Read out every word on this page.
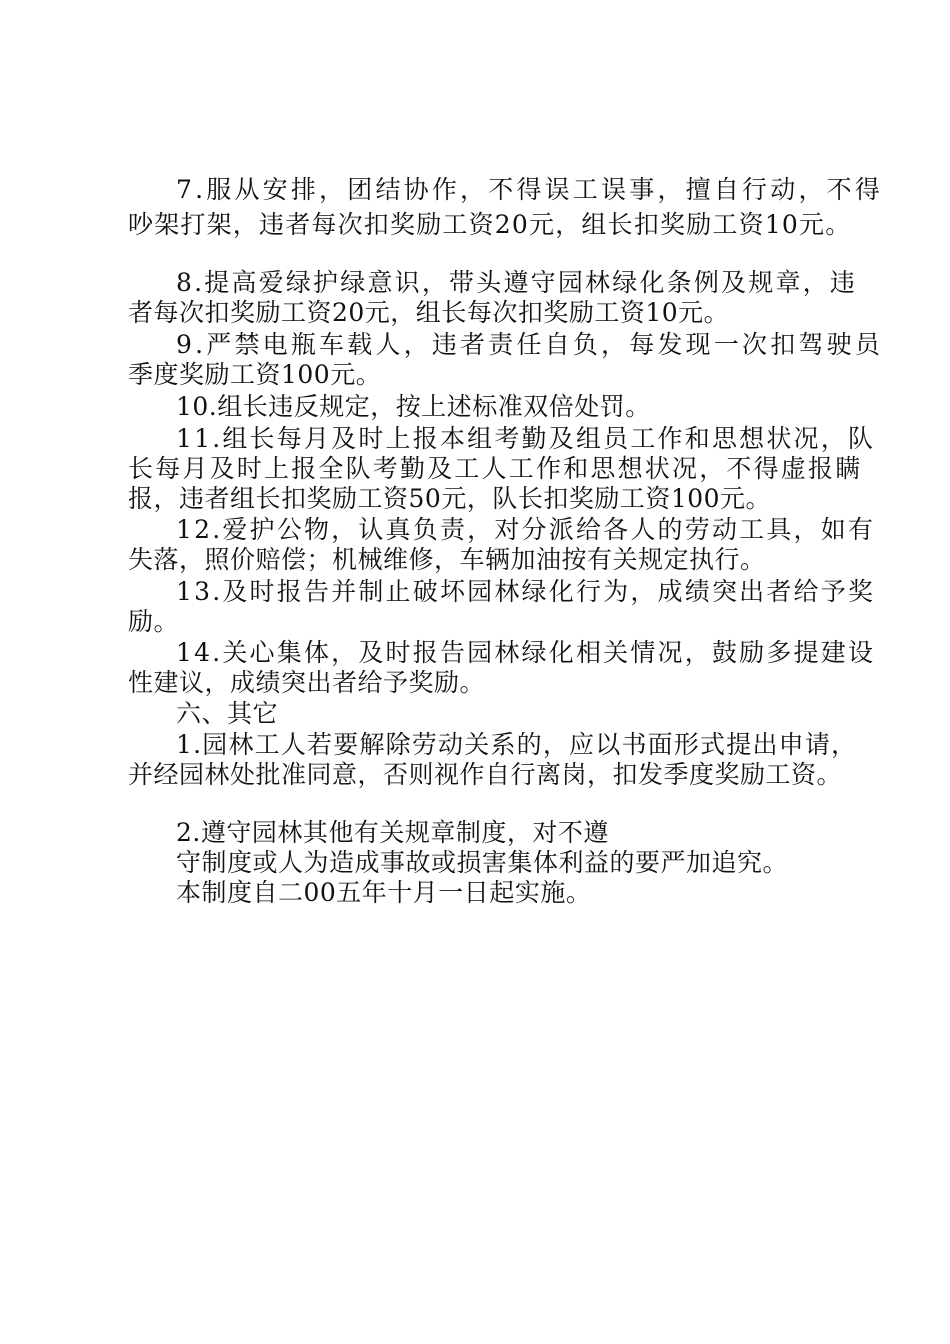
7.服从安排，团结协作，不得误工误事，擅自行动，不得
吵架打架，违者每次扣奖励工资20元，组长扣奖励工资10元。
8.提高爱绿护绿意识，带头遵守园林绿化条例及规章，违
者每次扣奖励工资20元，组长每次扣奖励工资10元。
9.严禁电瓶车载人，违者责任自负，每发现一次扣驾驶员
季度奖励工资100元。
10.组长违反规定，按上述标准双倍处罚。
11.组长每月及时上报本组考勤及组员工作和思想状况，队
长每月及时上报全队考勤及工人工作和思想状况，不得虚报瞒
报，违者组长扣奖励工资50元，队长扣奖励工资100元。
12.爱护公物，认真负责，对分派给各人的劳动工具，如有
失落，照价赔偿；机械维修，车辆加油按有关规定执行。
13.及时报告并制止破坏园林绿化行为，成绩突出者给予奖
励。
14.关心集体，及时报告园林绿化相关情况，鼓励多提建设
性建议，成绩突出者给予奖励。
六、其它
1.园林工人若要解除劳动关系的，应以书面形式提出申请，
并经园林处批准同意，否则视作自行离岗，扣发季度奖励工资。
2.遵守园林其他有关规章制度，对不遵
守制度或人为造成事故或损害集体利益的要严加追究。
本制度自二00五年十月一日起实施。
